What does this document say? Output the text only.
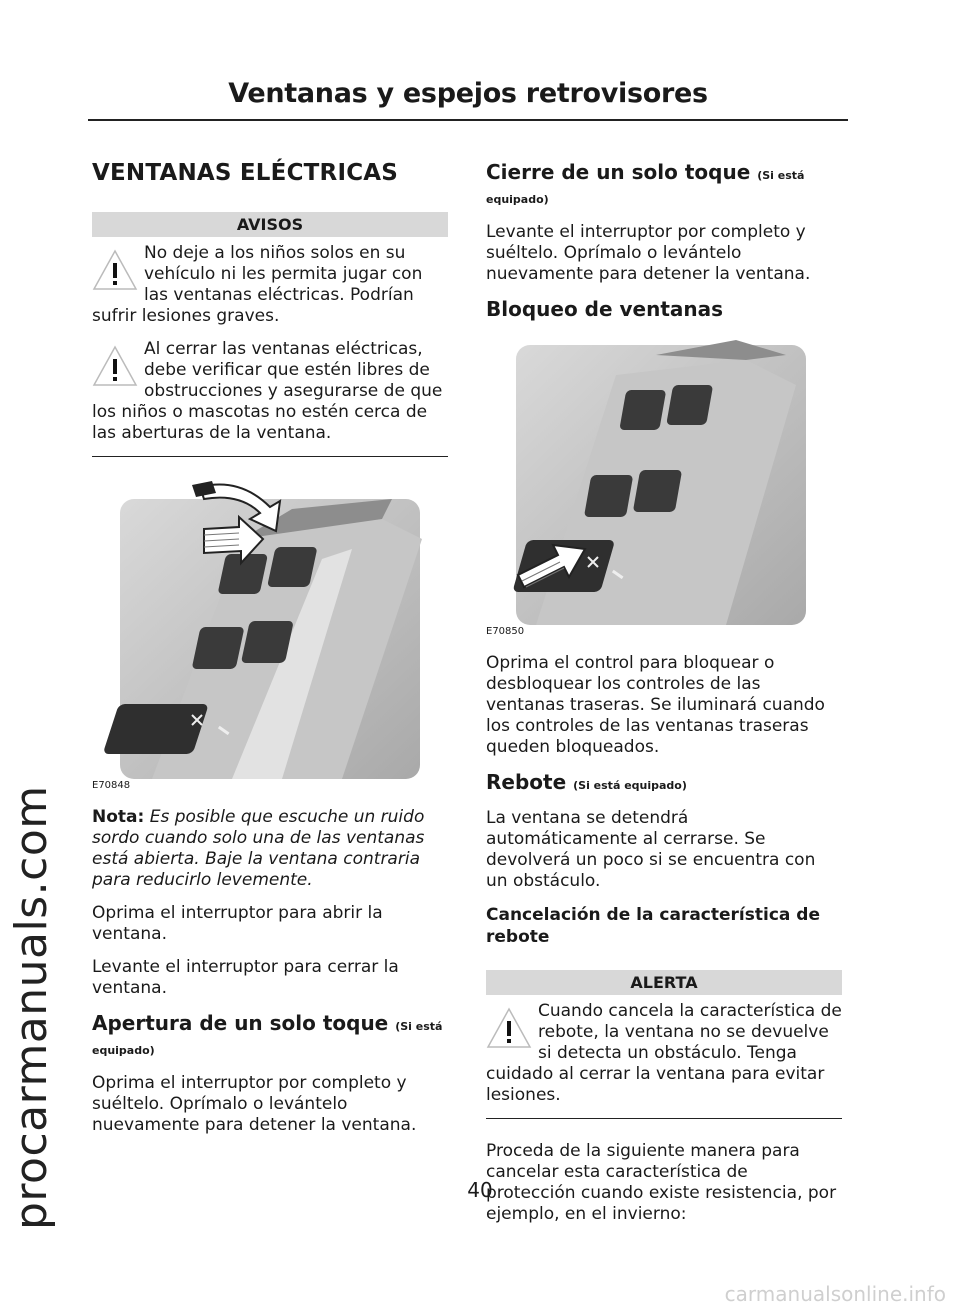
procarmanuals.com
carmanualsonline.info
Ventanas y espejos retrovisores
VENTANAS ELÉCTRICAS
AVISOS
No deje a los niños solos en su vehículo ni les permita jugar con las ventanas eléctricas. Podrían sufrir lesiones graves.
Al cerrar las ventanas eléctricas, debe verificar que estén libres de obstrucciones y asegurarse de que los niños o mascotas no estén cerca de las aberturas de la ventana.
E70848

Nota: Es posible que escuche un ruido sordo cuando solo una de las ventanas está abierta. Baje la ventana contraria para reducirlo levemente.

Oprima el interruptor para abrir la ventana.

Levante el interruptor para cerrar la ventana.

Apertura de un solo toque (Si está equipado)

Oprima el interruptor por completo y suéltelo. Oprímalo o levántelo nuevamente para detener la ventana.

Cierre de un solo toque (Si está equipado)

Levante el interruptor por completo y suéltelo. Oprímalo o levántelo nuevamente para detener la ventana.

Bloqueo de ventanas
E70850

Oprima el control para bloquear o desbloquear los controles de las ventanas traseras. Se iluminará cuando los controles de las ventanas traseras queden bloqueados.

Rebote (Si está equipado)

La ventana se detendrá automáticamente al cerrarse. Se devolverá un poco si se encuentra con un obstáculo.

Cancelación de la característica de rebote
ALERTA
Cuando cancela la característica de rebote, la ventana no se devuelve si detecta un obstáculo. Tenga cuidado al cerrar la ventana para evitar lesiones.

Proceda de la siguiente manera para cancelar esta característica de protección cuando existe resistencia, por ejemplo, en el invierno:

40
